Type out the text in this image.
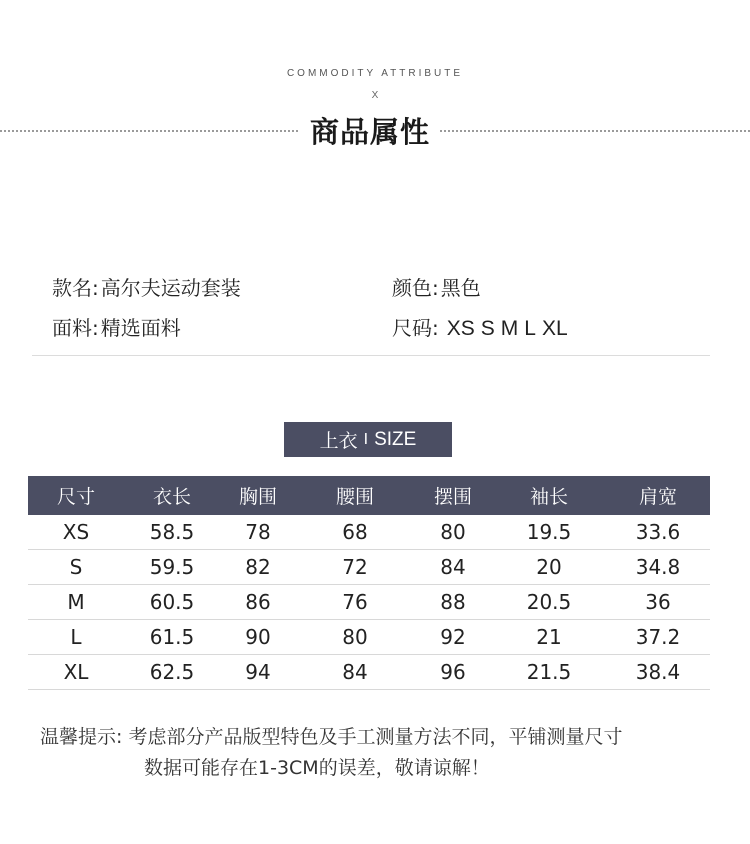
COMMODITY ATTRIBUTE
X
商品属性
款名: 高尔夫运动套装	颜色: 黑色
面料: 精选面料	尺码: XS S M L XL
上衣 I SIZE
尺寸	衣长	胸围	腰围	摆围	袖长	肩宽
XS	58.5	78	68	80	19.5	33.6
S	59.5	82	72	84	20	34.8
M	60.5	86	76	88	20.5	36
L	61.5	90	80	92	21	37.2
XL	62.5	94	84	96	21.5	38.4
温馨提示: 考虑部分产品版型特色及手工测量方法不同，平铺测量尺寸
数据可能存在1-3CM的误差，敬请谅解！
